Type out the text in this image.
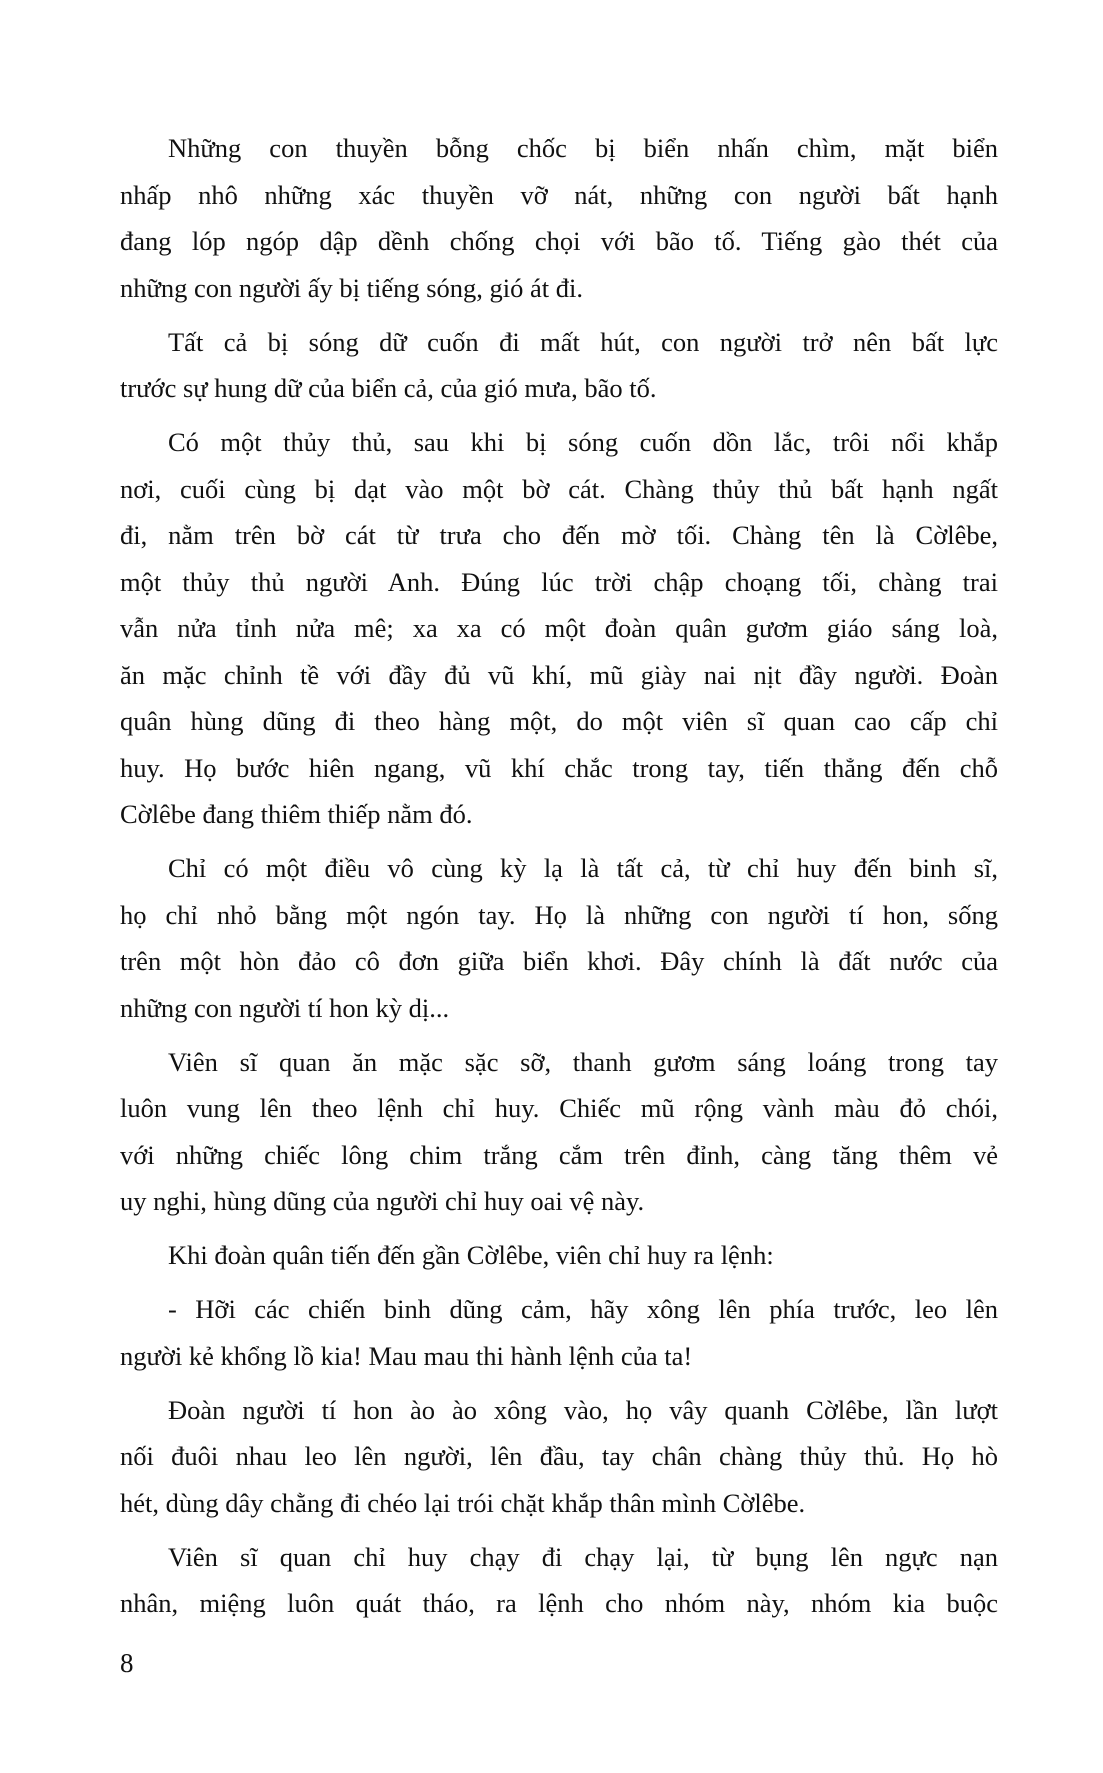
Những con thuyền bỗng chốc bị biển nhấn chìm, mặt biển
nhấp nhô những xác thuyền vỡ nát, những con người bất hạnh
đang lóp ngóp dập dềnh chống chọi với bão tố. Tiếng gào thét của
những con người ấy bị tiếng sóng, gió át đi.
Tất cả bị sóng dữ cuốn đi mất hút, con người trở nên bất lực
trước sự hung dữ của biển cả, của gió mưa, bão tố.
Có một thủy thủ, sau khi bị sóng cuốn dồn lắc, trôi nổi khắp
nơi, cuối cùng bị dạt vào một bờ cát. Chàng thủy thủ bất hạnh ngất
đi, nằm trên bờ cát từ trưa cho đến mờ tối. Chàng tên là Cờlêbe,
một thủy thủ người Anh. Đúng lúc trời chập choạng tối, chàng trai
vẫn nửa tỉnh nửa mê; xa xa có một đoàn quân gươm giáo sáng loà,
ăn mặc chỉnh tề với đầy đủ vũ khí, mũ giày nai nịt đầy người. Đoàn
quân hùng dũng đi theo hàng một, do một viên sĩ quan cao cấp chỉ
huy. Họ bước hiên ngang, vũ khí chắc trong tay, tiến thẳng đến chỗ
Cờlêbe đang thiêm thiếp nằm đó.
Chỉ có một điều vô cùng kỳ lạ là tất cả, từ chỉ huy đến binh sĩ,
họ chỉ nhỏ bằng một ngón tay. Họ là những con người tí hon, sống
trên một hòn đảo cô đơn giữa biển khơi. Đây chính là đất nước của
những con người tí hon kỳ dị...
Viên sĩ quan ăn mặc sặc sỡ, thanh gươm sáng loáng trong tay
luôn vung lên theo lệnh chỉ huy. Chiếc mũ rộng vành màu đỏ chói,
với những chiếc lông chim trắng cắm trên đỉnh, càng tăng thêm vẻ
uy nghi, hùng dũng của người chỉ huy oai vệ này.
Khi đoàn quân tiến đến gần Cờlêbe, viên chỉ huy ra lệnh:
- Hỡi các chiến binh dũng cảm, hãy xông lên phía trước, leo lên
người kẻ khổng lồ kia! Mau mau thi hành lệnh của ta!
Đoàn người tí hon ào ào xông vào, họ vây quanh Cờlêbe, lần lượt
nối đuôi nhau leo lên người, lên đầu, tay chân chàng thủy thủ. Họ hò
hét, dùng dây chằng đi chéo lại trói chặt khắp thân mình Cờlêbe.
Viên sĩ quan chỉ huy chạy đi chạy lại, từ bụng lên ngực nạn
nhân, miệng luôn quát tháo, ra lệnh cho nhóm này, nhóm kia buộc
8
